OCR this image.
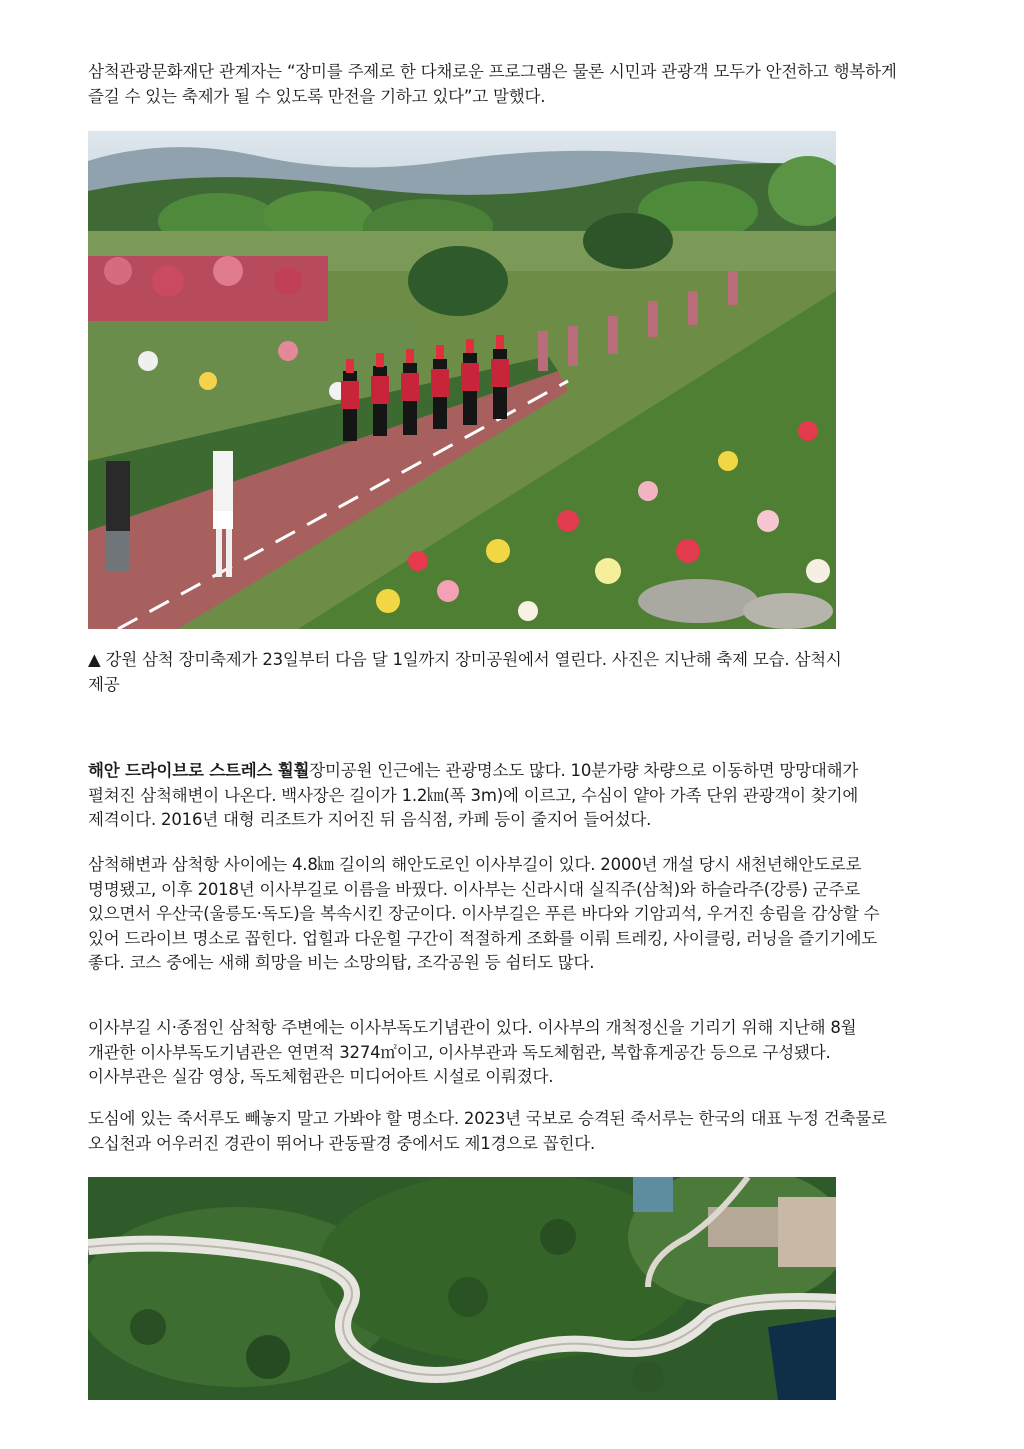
삼척관광문화재단 관계자는 “장미를 주제로 한 다채로운 프로그램은 물론 시민과 관광객 모두가 안전하고 행복하게 즐길 수 있는 축제가 될 수 있도록 만전을 기하고 있다”고 말했다.

▲ 강원 삼척 장미축제가 23일부터 다음 달 1일까지 장미공원에서 열린다. 사진은 지난해 축제 모습. 삼척시 제공

해안 드라이브로 스트레스 훨훨장미공원 인근에는 관광명소도 많다. 10분가량 차량으로 이동하면 망망대해가 펼쳐진 삼척해변이 나온다. 백사장은 길이가 1.2㎞(폭 3m)에 이르고, 수심이 얕아 가족 단위 관광객이 찾기에 제격이다. 2016년 대형 리조트가 지어진 뒤 음식점, 카페 등이 줄지어 들어섰다.

삼척해변과 삼척항 사이에는 4.8㎞ 길이의 해안도로인 이사부길이 있다. 2000년 개설 당시 새천년해안도로로 명명됐고, 이후 2018년 이사부길로 이름을 바꿨다. 이사부는 신라시대 실직주(삼척)와 하슬라주(강릉) 군주로 있으면서 우산국(울릉도·독도)을 복속시킨 장군이다. 이사부길은 푸른 바다와 기암괴석, 우거진 송림을 감상할 수 있어 드라이브 명소로 꼽힌다. 업힐과 다운힐 구간이 적절하게 조화를 이뤄 트레킹, 사이클링, 러닝을 즐기기에도 좋다. 코스 중에는 새해 희망을 비는 소망의탑, 조각공원 등 쉼터도 많다.

이사부길 시·종점인 삼척항 주변에는 이사부독도기념관이 있다. 이사부의 개척정신을 기리기 위해 지난해 8월 개관한 이사부독도기념관은 연면적 3274㎡이고, 이사부관과 독도체험관, 복합휴게공간 등으로 구성됐다. 이사부관은 실감 영상, 독도체험관은 미디어아트 시설로 이뤄졌다.

도심에 있는 죽서루도 빼놓지 말고 가봐야 할 명소다. 2023년 국보로 승격된 죽서루는 한국의 대표 누정 건축물로 오십천과 어우러진 경관이 뛰어나 관동팔경 중에서도 제1경으로 꼽힌다.
